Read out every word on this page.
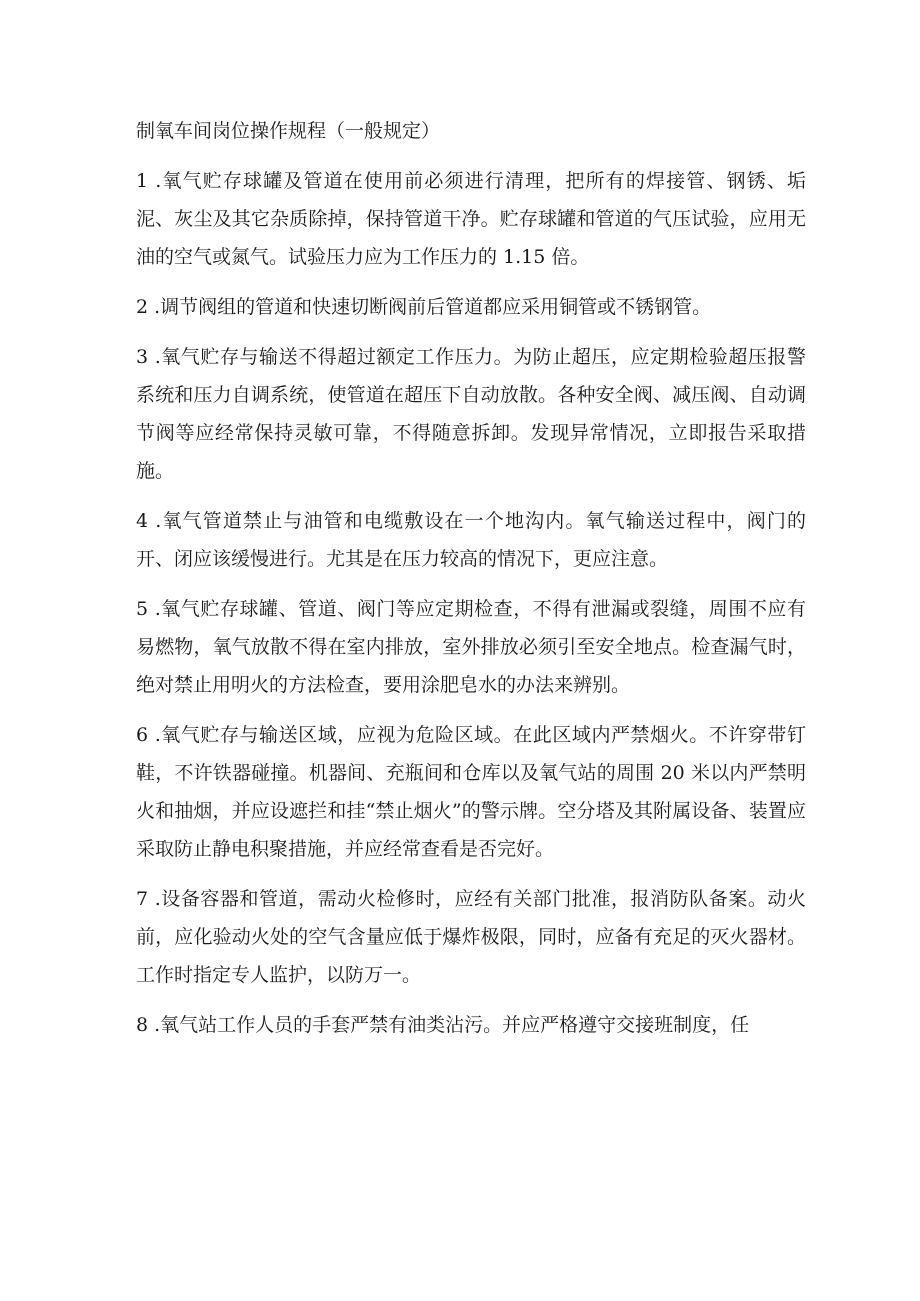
制氧车间岗位操作规程（一般规定）

1 .氧气贮存球罐及管道在使用前必须进行清理，把所有的焊接管、钢锈、垢泥、灰尘及其它杂质除掉，保持管道干净。贮存球罐和管道的气压试验，应用无油的空气或氮气。试验压力应为工作压力的 1.15 倍。

2 .调节阀组的管道和快速切断阀前后管道都应采用铜管或不锈钢管。

3 .氧气贮存与输送不得超过额定工作压力。为防止超压，应定期检验超压报警系统和压力自调系统，使管道在超压下自动放散。各种安全阀、减压阀、自动调节阀等应经常保持灵敏可靠，不得随意拆卸。发现异常情况，立即报告采取措施。

4 .氧气管道禁止与油管和电缆敷设在一个地沟内。氧气输送过程中，阀门的开、闭应该缓慢进行。尤其是在压力较高的情况下，更应注意。

5 .氧气贮存球罐、管道、阀门等应定期检查，不得有泄漏或裂缝，周围不应有易燃物，氧气放散不得在室内排放，室外排放必须引至安全地点。检查漏气时，绝对禁止用明火的方法检查，要用涂肥皂水的办法来辨别。

6 .氧气贮存与输送区域，应视为危险区域。在此区域内严禁烟火。不许穿带钉鞋，不许铁器碰撞。机器间、充瓶间和仓库以及氧气站的周围 20 米以内严禁明火和抽烟，并应设遮拦和挂“禁止烟火”的警示牌。空分塔及其附属设备、装置应采取防止静电积聚措施，并应经常查看是否完好。

7 .设备容器和管道，需动火检修时，应经有关部门批准，报消防队备案。动火前，应化验动火处的空气含量应低于爆炸极限，同时，应备有充足的灭火器材。工作时指定专人监护，以防万一。

8 .氧气站工作人员的手套严禁有油类沾污。并应严格遵守交接班制度，任
